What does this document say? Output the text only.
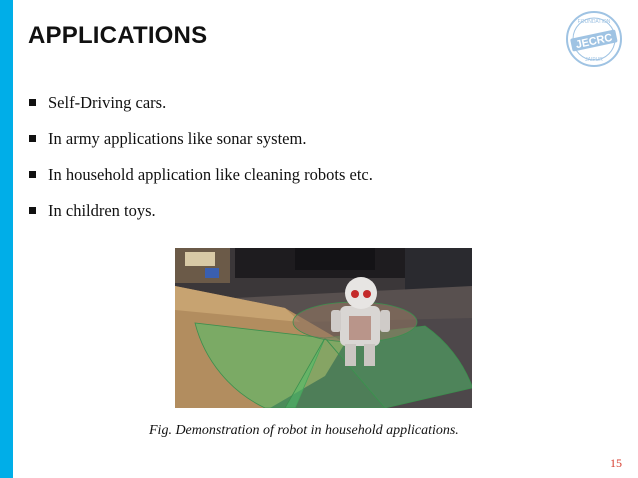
APPLICATIONS	FOUNDATION
JECRC
JAIPUR
Self-Driving cars.
In army applications like sonar system.
In household application like cleaning robots etc.
In children toys.
Fig. Demonstration of robot in household applications.
15
